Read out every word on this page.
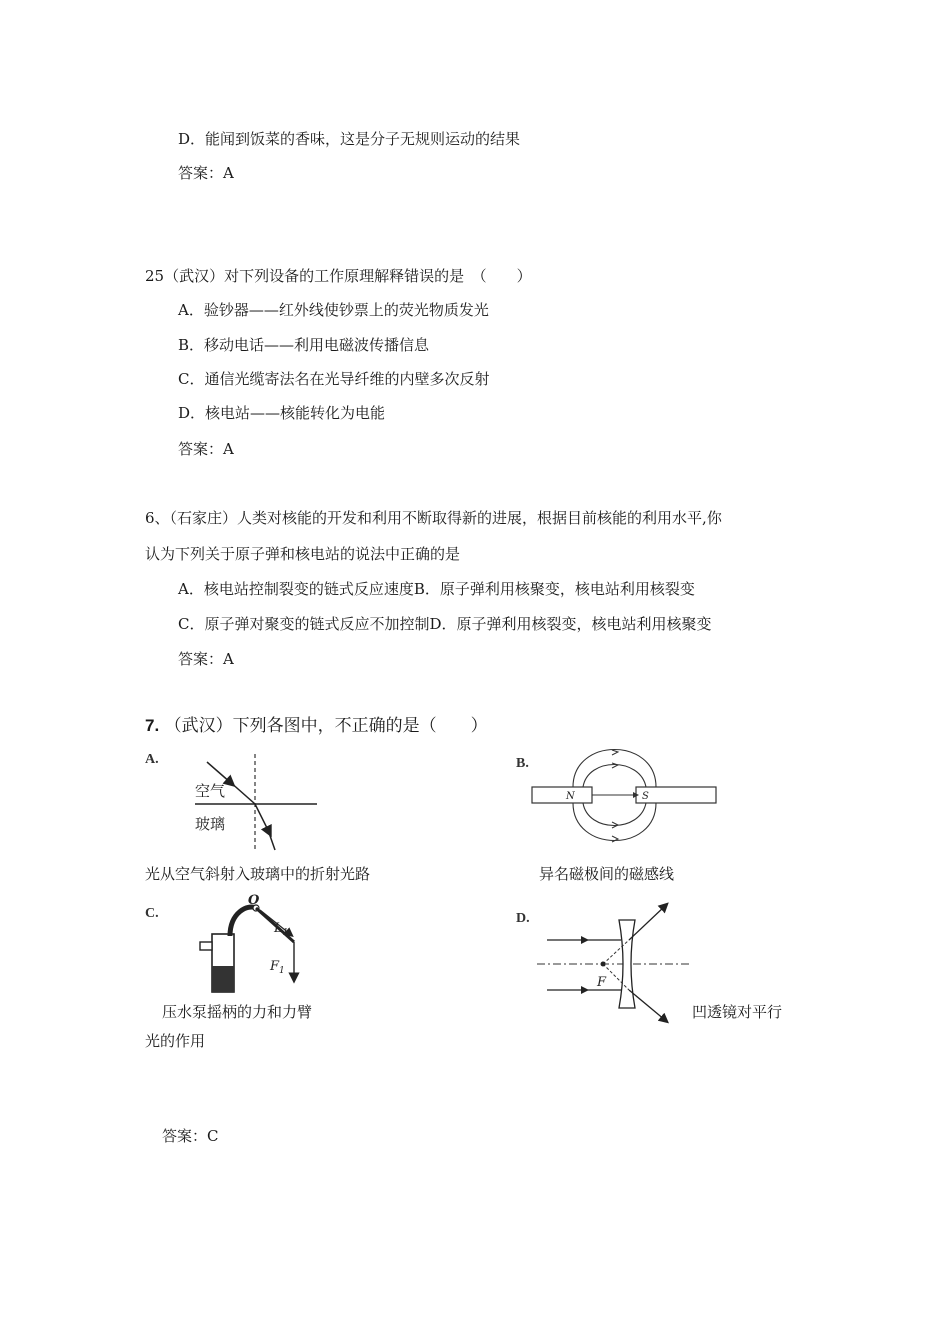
D．能闻到饭菜的香味，这是分子无规则运动的结果
答案：A
25（武汉）对下列设备的工作原理解释错误的是　（　　）
A．验钞器——红外线使钞票上的荧光物质发光
B．移动电话——利用电磁波传播信息
C．通信光缆寄法名在光导纤维的内壁多次反射
D．核电站——核能转化为电能
答案：A
6、（石家庄）人类对核能的开发和利用不断取得新的进展，根据目前核能的利用水平,你
认为下列关于原子弹和核电站的说法中正确的是
A．核电站控制裂变的链式反应速度B．原子弹利用核聚变，核电站利用核裂变
C．原子弹对聚变的链式反应不加控制D．原子弹利用核裂变，核电站利用核聚变
答案：A
7. （武汉）下列各图中，不正确的是（　　）
A.
空气
玻璃
光从空气斜射入玻璃中的折射光路
B.
N	S
异名磁极间的磁感线
C.
O
$L_1$
$F_1$
压水泵摇柄的力和力臂
D.
F
凹透镜对平行
光的作用
答案：C
